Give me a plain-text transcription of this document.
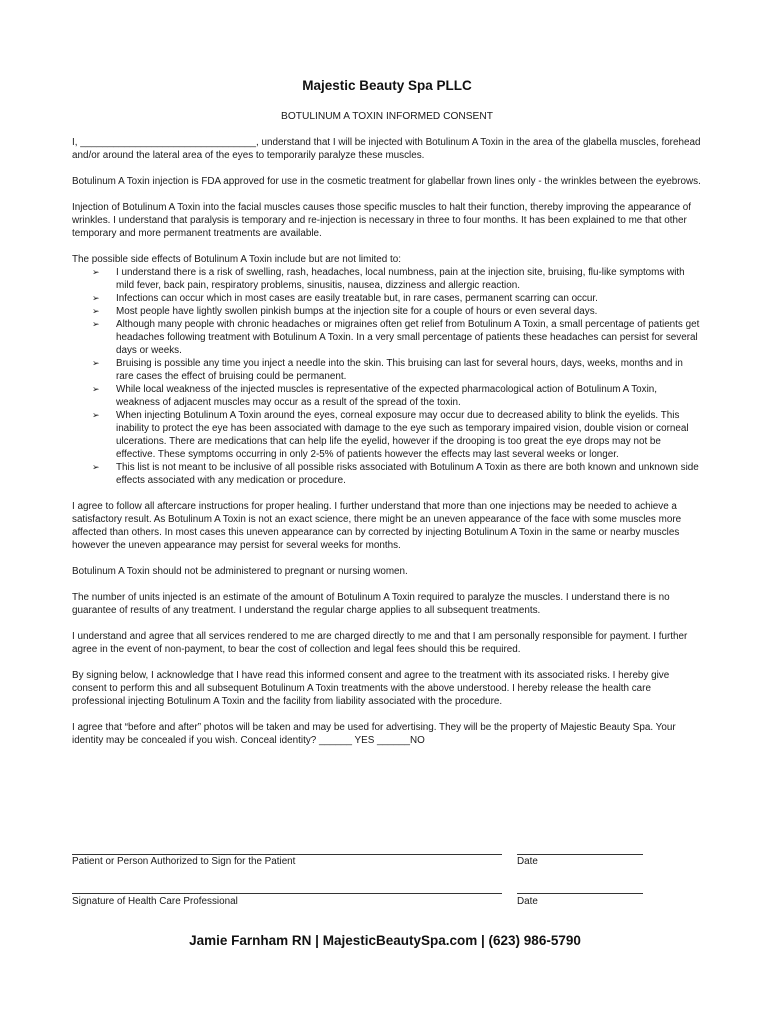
Majestic Beauty Spa PLLC
BOTULINUM A TOXIN INFORMED CONSENT

I, ________________________________, understand that I will be injected with Botulinum A Toxin in the area of the glabella muscles, forehead and/or around the lateral area of the eyes to temporarily paralyze these muscles.

Botulinum A Toxin injection is FDA approved for use in the cosmetic treatment for glabellar frown lines only - the wrinkles between the eyebrows.

Injection of Botulinum A Toxin into the facial muscles causes those specific muscles to halt their function, thereby improving the appearance of wrinkles. I understand that paralysis is temporary and re-injection is necessary in three to four months. It has been explained to me that other temporary and more permanent treatments are available.

The possible side effects of Botulinum A Toxin include but are not limited to:

➢ I understand there is a risk of swelling, rash, headaches, local numbness, pain at the injection site, bruising, flu-like symptoms with mild fever, back pain, respiratory problems, sinusitis, nausea, dizziness and allergic reaction.
➢ Infections can occur which in most cases are easily treatable but, in rare cases, permanent scarring can occur.
➢ Most people have lightly swollen pinkish bumps at the injection site for a couple of hours or even several days.
➢ Although many people with chronic headaches or migraines often get relief from Botulinum A Toxin, a small percentage of patients get headaches following treatment with Botulinum A Toxin. In a very small percentage of patients these headaches can persist for several days or weeks.
➢ Bruising is possible any time you inject a needle into the skin. This bruising can last for several hours, days, weeks, months and in rare cases the effect of bruising could be permanent.
➢ While local weakness of the injected muscles is representative of the expected pharmacological action of Botulinum A Toxin, weakness of adjacent muscles may occur as a result of the spread of the toxin.
➢ When injecting Botulinum A Toxin around the eyes, corneal exposure may occur due to decreased ability to blink the eyelids. This inability to protect the eye has been associated with damage to the eye such as temporary impaired vision, double vision or corneal ulcerations. There are medications that can help life the eyelid, however if the drooping is too great the eye drops may not be effective. These symptoms occurring in only 2-5% of patients however the effects may last several weeks or longer.
➢ This list is not meant to be inclusive of all possible risks associated with Botulinum A Toxin as there are both known and unknown side effects associated with any medication or procedure.

I agree to follow all aftercare instructions for proper healing. I further understand that more than one injections may be needed to achieve a satisfactory result. As Botulinum A Toxin is not an exact science, there might be an uneven appearance of the face with some muscles more affected than others. In most cases this uneven appearance can by corrected by injecting Botulinum A Toxin in the same or nearby muscles however the uneven appearance may persist for several weeks for months.

Botulinum A Toxin should not be administered to pregnant or nursing women.

The number of units injected is an estimate of the amount of Botulinum A Toxin required to paralyze the muscles. I understand there is no guarantee of results of any treatment. I understand the regular charge applies to all subsequent treatments.

I understand and agree that all services rendered to me are charged directly to me and that I am personally responsible for payment. I further agree in the event of non-payment, to bear the cost of collection and legal fees should this be required.

By signing below, I acknowledge that I have read this informed consent and agree to the treatment with its associated risks. I hereby give consent to perform this and all subsequent Botulinum A Toxin treatments with the above understood. I hereby release the health care professional injecting Botulinum A Toxin and the facility from liability associated with the procedure.

I agree that “before and after” photos will be taken and may be used for advertising. They will be the property of Majestic Beauty Spa. Your identity may be concealed if you wish. Conceal identity? ______ YES ______NO

Patient or Person Authorized to Sign for the Patient	Date
Signature of Health Care Professional	Date
Jamie Farnham RN | MajesticBeautySpa.com | (623) 986-5790
